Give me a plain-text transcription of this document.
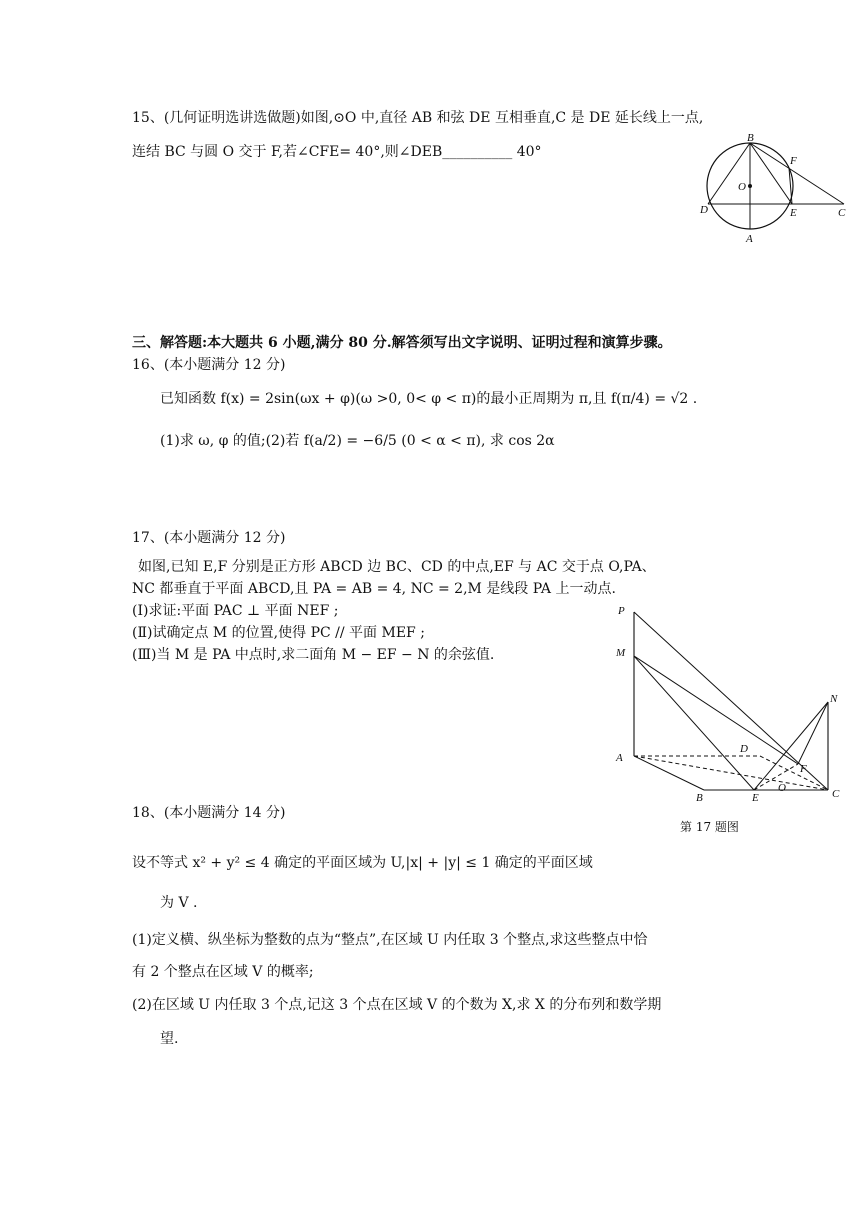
15、(几何证明选讲选做题)如图,⊙O 中,直径 AB 和弦 DE 互相垂直,C 是 DE 延长线上一点,
连结 BC 与圆 O 交于 F,若∠CFE= 40°,则∠DEB__________ 40°
B
F
O
D	E	C
A
三、解答题:本大题共 6 小题,满分 80 分.解答须写出文字说明、证明过程和演算步骤。
16、(本小题满分 12 分)
已知函数 f(x) = 2sin(ωx + φ)(ω >0, 0< φ < π)的最小正周期为 π,且 f(π/4) = √2 .
(1)求 ω, φ 的值;(2)若 f(a/2) = −6/5 (0 < α < π), 求 cos 2α
17、(本小题满分 12 分)
如图,已知 E,F 分别是正方形 ABCD 边 BC、CD 的中点,EF 与 AC 交于点 O,PA、
NC 都垂直于平面 ABCD,且 PA = AB = 4, NC = 2,M 是线段 PA 上一动点.
(Ⅰ)求证:平面 PAC ⊥ 平面 NEF ;
(Ⅱ)试确定点 M 的位置,使得 PC // 平面 MEF ;
(Ⅲ)当 M 是 PA 中点时,求二面角 M − EF − N 的余弦值.
P
M
N
D
F
A
O
B	E	C
第 17 题图
18、(本小题满分 14 分)
设不等式 x² + y² ≤ 4 确定的平面区域为 U,|x| + |y| ≤ 1 确定的平面区域
为 V .
(1)定义横、纵坐标为整数的点为“整点”,在区域 U 内任取 3 个整点,求这些整点中恰
有 2 个整点在区域 V 的概率;
(2)在区域 U 内任取 3 个点,记这 3 个点在区域 V 的个数为 X,求 X 的分布列和数学期
望.
